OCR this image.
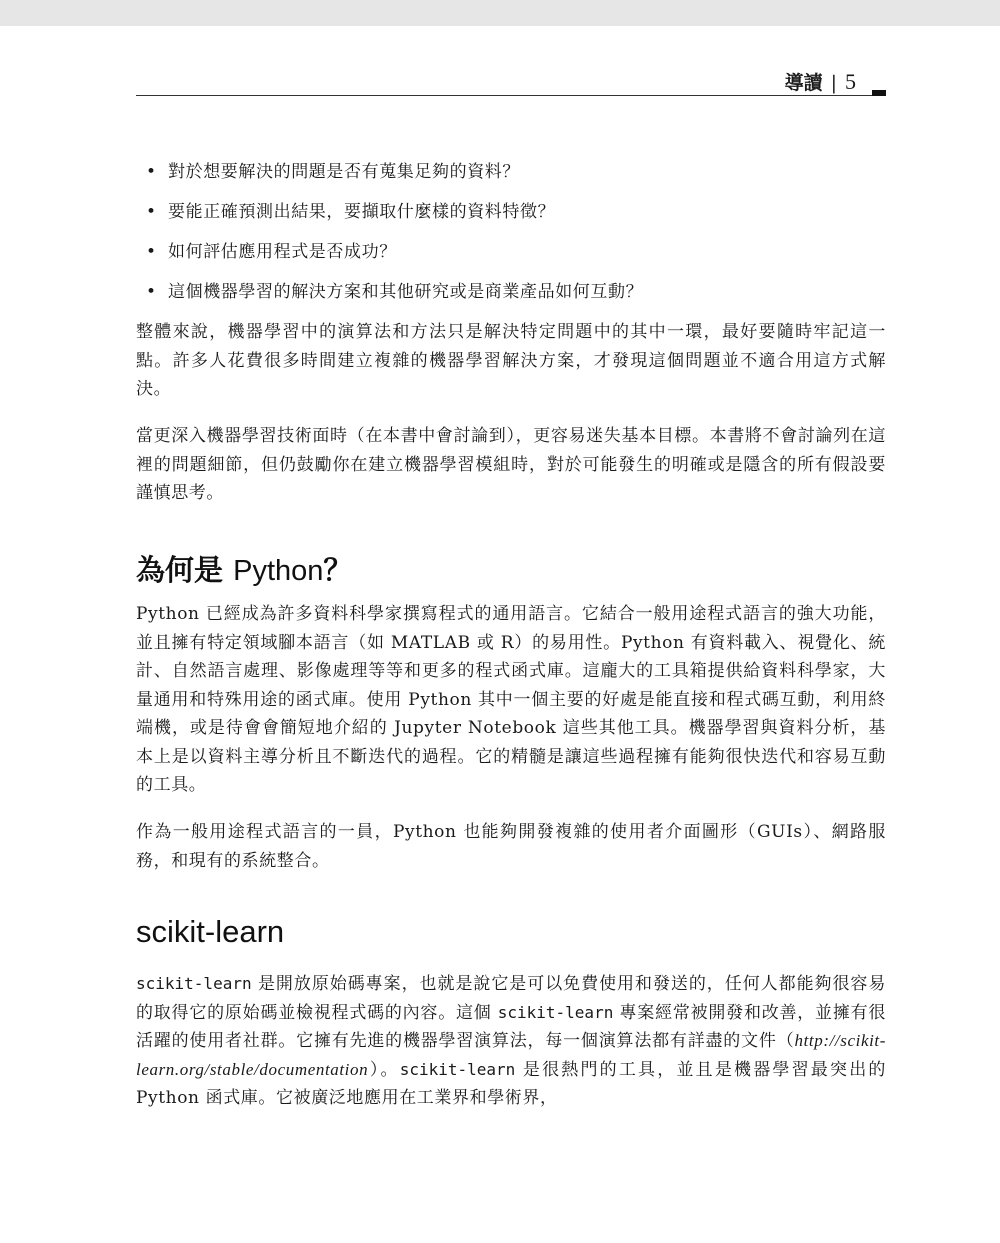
導讀 | 5
• 對於想要解決的問題是否有蒐集足夠的資料？
• 要能正確預測出結果，要擷取什麼樣的資料特徵？
• 如何評估應用程式是否成功？
• 這個機器學習的解決方案和其他研究或是商業產品如何互動？

整體來說，機器學習中的演算法和方法只是解決特定問題中的其中一環，最好要隨時牢記這一點。許多人花費很多時間建立複雜的機器學習解決方案，才發現這個問題並不適合用這方式解決。

當更深入機器學習技術面時（在本書中會討論到），更容易迷失基本目標。本書將不會討論列在這裡的問題細節，但仍鼓勵你在建立機器學習模組時，對於可能發生的明確或是隱含的所有假設要謹慎思考。

為何是 Python？

Python 已經成為許多資料科學家撰寫程式的通用語言。它結合一般用途程式語言的強大功能，並且擁有特定領域腳本語言（如 MATLAB 或 R）的易用性。Python 有資料載入、視覺化、統計、自然語言處理、影像處理等等和更多的程式函式庫。這龐大的工具箱提供給資料科學家，大量通用和特殊用途的函式庫。使用 Python 其中一個主要的好處是能直接和程式碼互動，利用終端機，或是待會會簡短地介紹的 Jupyter Notebook 這些其他工具。機器學習與資料分析，基本上是以資料主導分析且不斷迭代的過程。它的精髓是讓這些過程擁有能夠很快迭代和容易互動的工具。

作為一般用途程式語言的一員，Python 也能夠開發複雜的使用者介面圖形（GUIs）、網路服務，和現有的系統整合。

scikit-learn

scikit-learn 是開放原始碼專案，也就是說它是可以免費使用和發送的，任何人都能夠很容易的取得它的原始碼並檢視程式碼的內容。這個 scikit-learn 專案經常被開發和改善，並擁有很活躍的使用者社群。它擁有先進的機器學習演算法，每一個演算法都有詳盡的文件（http://scikit-learn.org/stable/documentation）。scikit-learn 是很熱門的工具，並且是機器學習最突出的 Python 函式庫。它被廣泛地應用在工業界和學術界，
